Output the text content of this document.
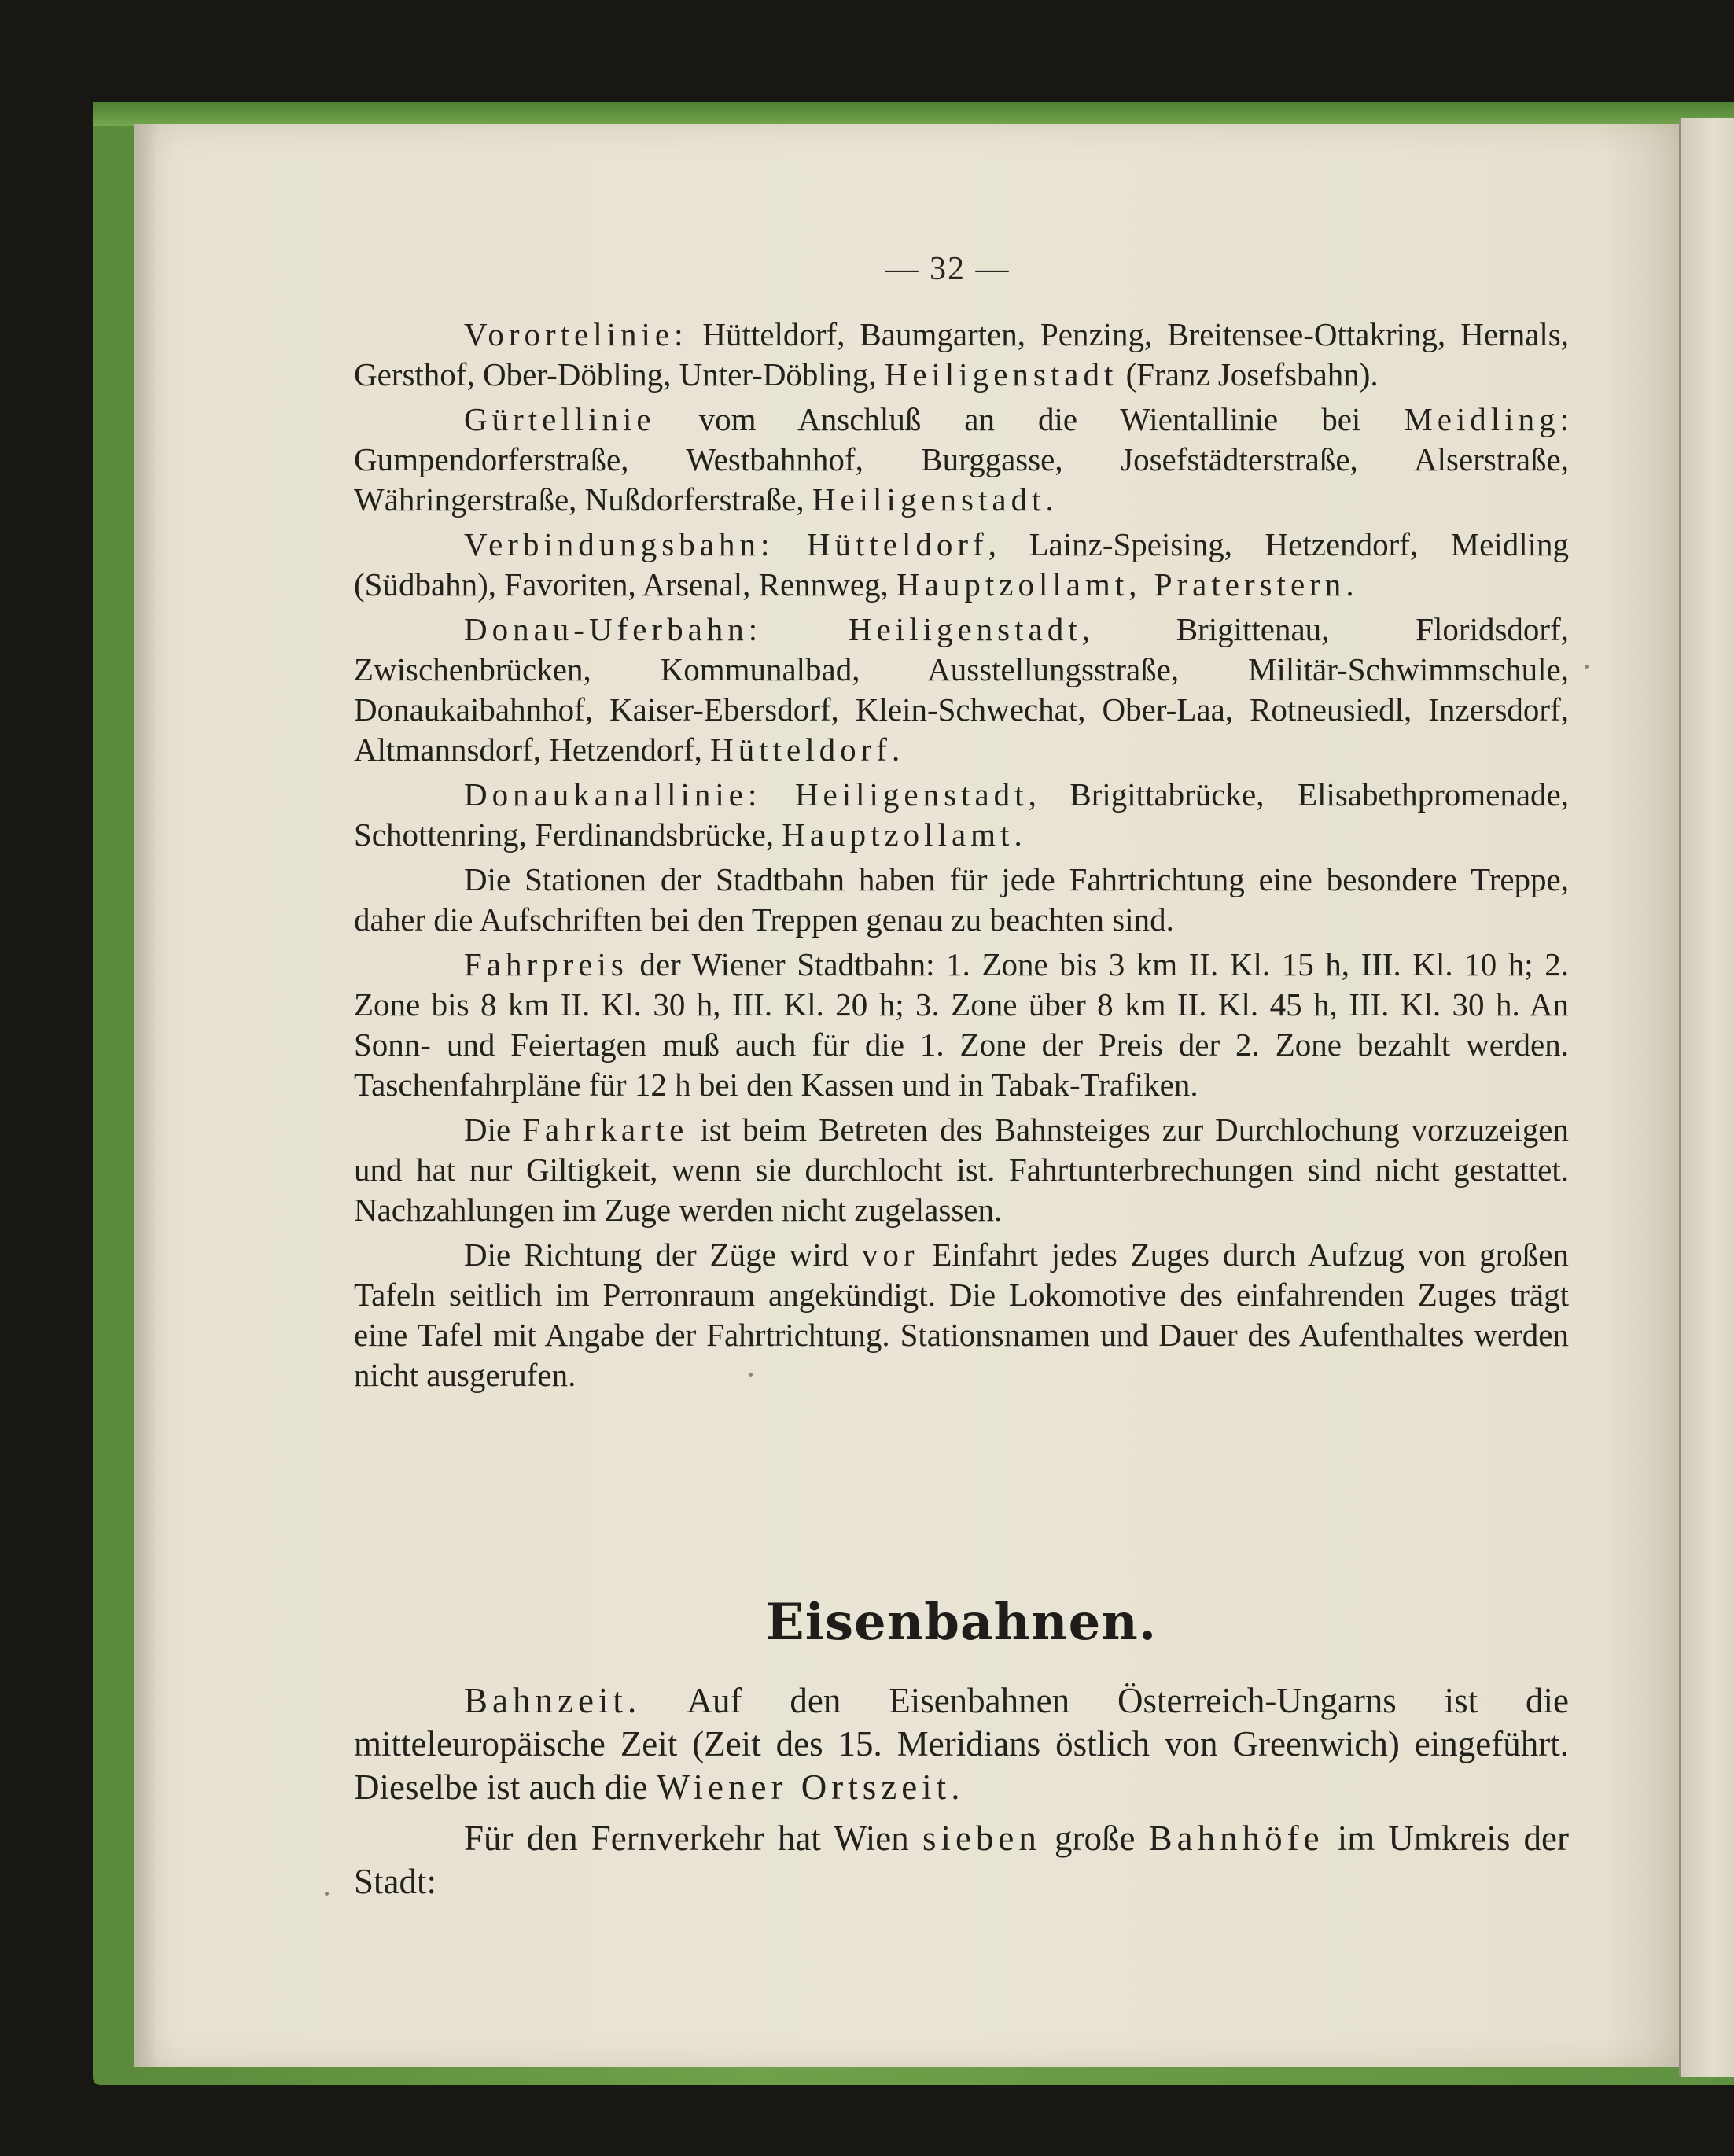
— 32 —

Vorortelinie: Hütteldorf, Baumgarten, Penzing, Breitensee-Ottakring, Hernals, Gersthof, Ober-Döbling, Unter-Döbling, Heiligenstadt (Franz Josefsbahn).

Gürtellinie vom Anschluß an die Wientallinie bei Meidling: Gumpendorferstraße, Westbahnhof, Burggasse, Josefstädterstraße, Alserstraße, Währingerstraße, Nußdorferstraße, Heiligenstadt.

Verbindungsbahn: Hütteldorf, Lainz-Speising, Hetzendorf, Meidling (Südbahn), Favoriten, Arsenal, Rennweg, Hauptzollamt, Praterstern.

Donau-Uferbahn:	Heiligenstadt, Brigittenau, Floridsdorf, Zwischenbrücken, Kommunalbad, Ausstellungsstraße, Militär-Schwimmschule, Donaukaibahnhof, Kaiser-Ebersdorf, Klein-Schwechat, Ober-Laa, Rotneusiedl, Inzersdorf, Altmannsdorf, Hetzendorf, Hütteldorf.

Donaukanallinie: Heiligenstadt, Brigittabrücke, Elisabethpromenade, Schottenring, Ferdinandsbrücke, Hauptzollamt.

Die Stationen der Stadtbahn haben für jede Fahrtrichtung eine besondere Treppe, daher die Aufschriften bei den Treppen genau zu beachten sind.

Fahrpreis der Wiener Stadtbahn: 1. Zone bis 3 km II. Kl. 15 h, III. Kl. 10 h; 2. Zone bis 8 km II. Kl. 30 h, III. Kl. 20 h; 3. Zone über 8 km II. Kl. 45 h, III. Kl. 30 h. An Sonn- und Feiertagen muß auch für die 1. Zone der Preis der 2. Zone bezahlt werden. Taschenfahrpläne für 12 h bei den Kassen und in Tabak-Trafiken.

Die Fahrkarte ist beim Betreten des Bahnsteiges zur Durchlochung vorzuzeigen und hat nur Giltigkeit, wenn sie durchlocht ist. Fahrtunterbrechungen sind nicht gestattet. Nachzahlungen im Zuge werden nicht zugelassen.

Die Richtung der Züge wird vor Einfahrt jedes Zuges durch Aufzug von großen Tafeln seitlich im Perronraum angekündigt. Die Lokomotive des einfahrenden Zuges trägt eine Tafel mit Angabe der Fahrtrichtung. Stationsnamen und Dauer des Aufenthaltes werden nicht ausgerufen.

Eisenbahnen.

Bahnzeit. Auf den Eisenbahnen Österreich-Ungarns ist die mitteleuropäische Zeit (Zeit des 15. Meridians östlich von Greenwich) eingeführt. Dieselbe ist auch die Wiener Ortszeit.

Für den Fernverkehr hat Wien sieben große Bahnhöfe im Umkreis der Stadt:
